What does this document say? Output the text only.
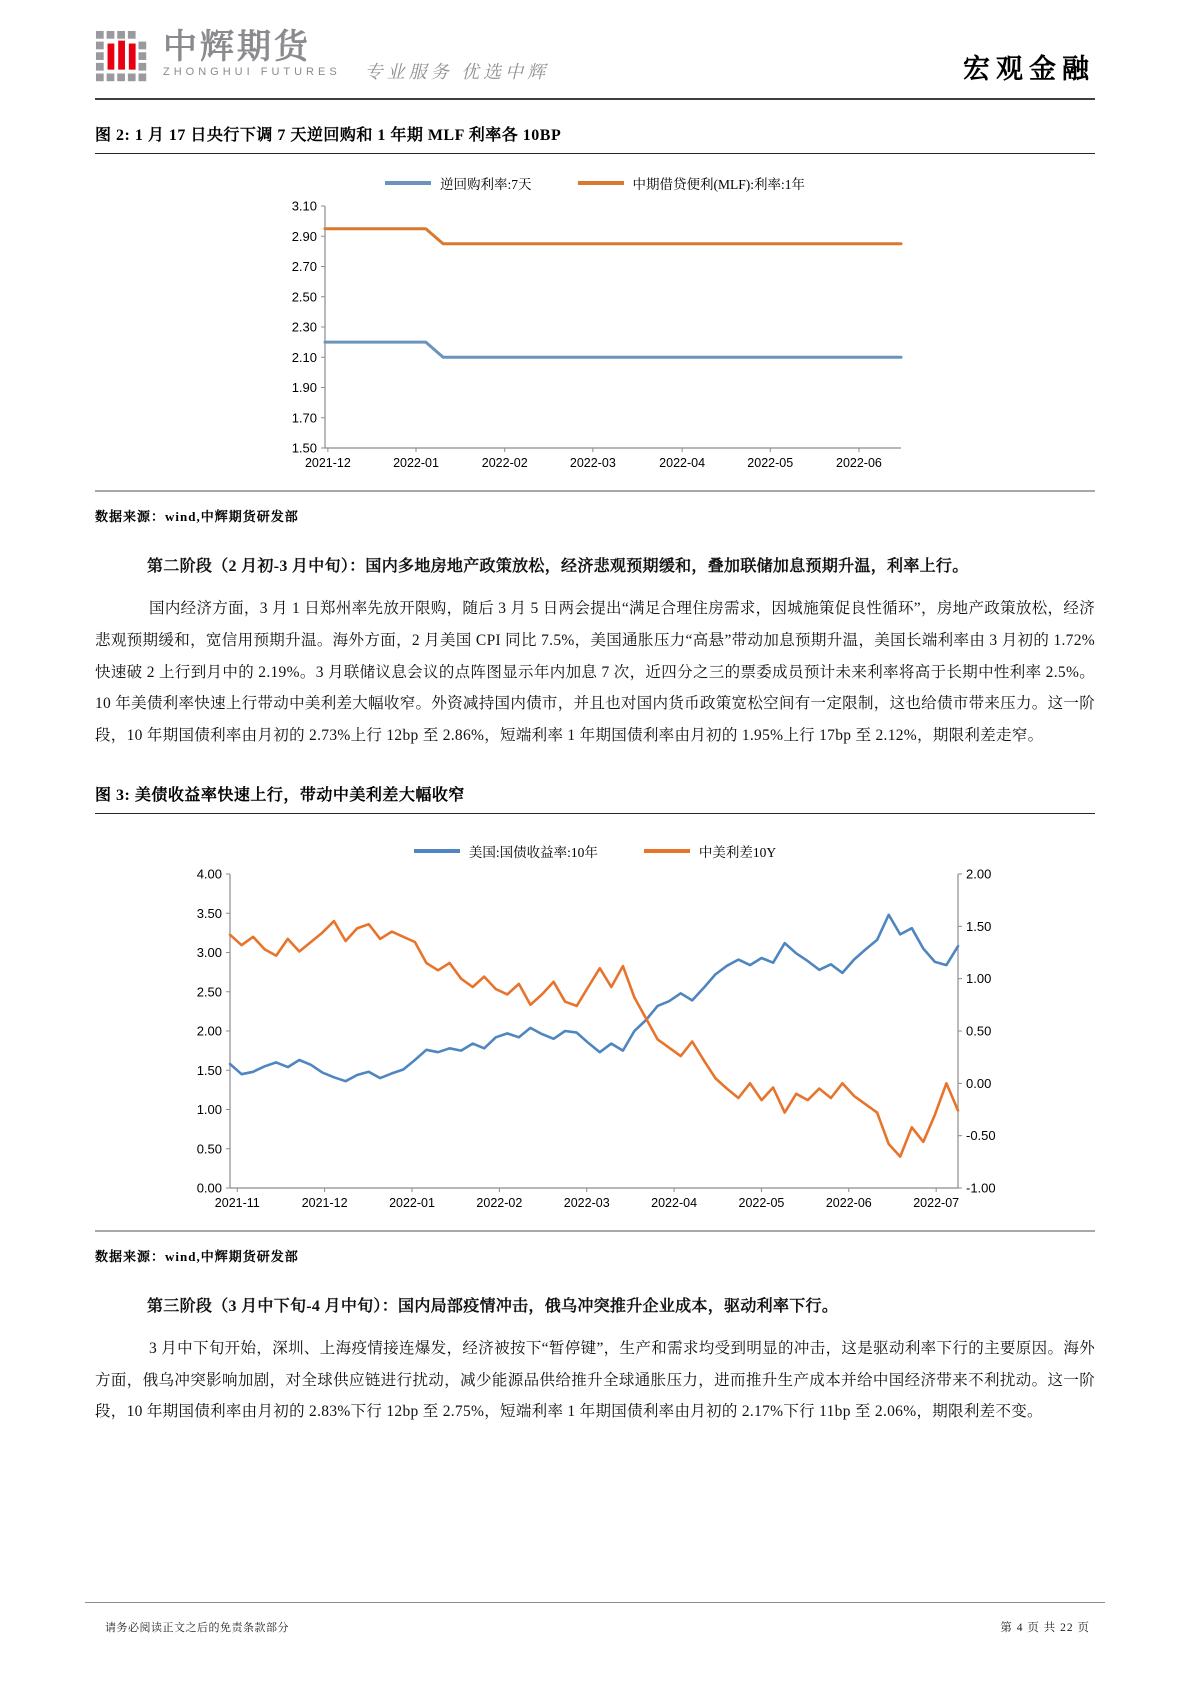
中辉期货
ZHONGHUI FUTURES 专业服务 优选中辉	宏观金融
图 2: 1 月 17 日央行下调 7 天逆回购和 1 年期 MLF 利率各 10BP
逆回购利率:7天	中期借贷便利(MLF):利率:1年
1.50
1.70
1.90
2.10
2.30
2.50
2.70
2.90
3.10
2021-12	2022-01	2022-02	2022-03	2022-04	2022-05	2022-06
数据来源：wind,中辉期货研发部

第二阶段（2 月初-3 月中旬）：国内多地房地产政策放松，经济悲观预期缓和，叠加联储加息预期升温，利率上行。

国内经济方面，3 月 1 日郑州率先放开限购，随后 3 月 5 日两会提出“满足合理住房需求，因城施策促良性循环”，房地产政策放松，经济悲观预期缓和，宽信用预期升温。海外方面，2 月美国 CPI 同比 7.5%，美国通胀压力“高悬”带动加息预期升温，美国长端利率由 3 月初的 1.72%快速破 2 上行到月中的 2.19%。3 月联储议息会议的点阵图显示年内加息 7 次，近四分之三的票委成员预计未来利率将高于长期中性利率 2.5%。10 年美债利率快速上行带动中美利差大幅收窄。外资减持国内债市，并且也对国内货币政策宽松空间有一定限制，这也给债市带来压力。这一阶段，10 年期国债利率由月初的 2.73%上行 12bp 至 2.86%，短端利率 1 年期国债利率由月初的 1.95%上行 17bp 至 2.12%，期限利差走窄。

图 3: 美债收益率快速上行，带动中美利差大幅收窄
美国:国债收益率:10年	中美利差10Y
0.00
0.50
1.00
1.50
2.00
2.50
3.00
3.50
4.00
-1.00
-0.50
0.00
0.50
1.00
1.50
2.00
2021-11	2021-12	2022-01	2022-02	2022-03	2022-04	2022-05	2022-06	2022-07
数据来源：wind,中辉期货研发部

第三阶段（3 月中下旬-4 月中旬）：国内局部疫情冲击，俄乌冲突推升企业成本，驱动利率下行。

3 月中下旬开始，深圳、上海疫情接连爆发，经济被按下“暂停键”，生产和需求均受到明显的冲击，这是驱动利率下行的主要原因。海外方面，俄乌冲突影响加剧，对全球供应链进行扰动，减少能源品供给推升全球通胀压力，进而推升生产成本并给中国经济带来不利扰动。这一阶段，10 年期国债利率由月初的 2.83%下行 12bp 至 2.75%，短端利率 1 年期国债利率由月初的 2.17%下行 11bp 至 2.06%，期限利差不变。

请务必阅读正文之后的免责条款部分	第 4 页 共 22 页
